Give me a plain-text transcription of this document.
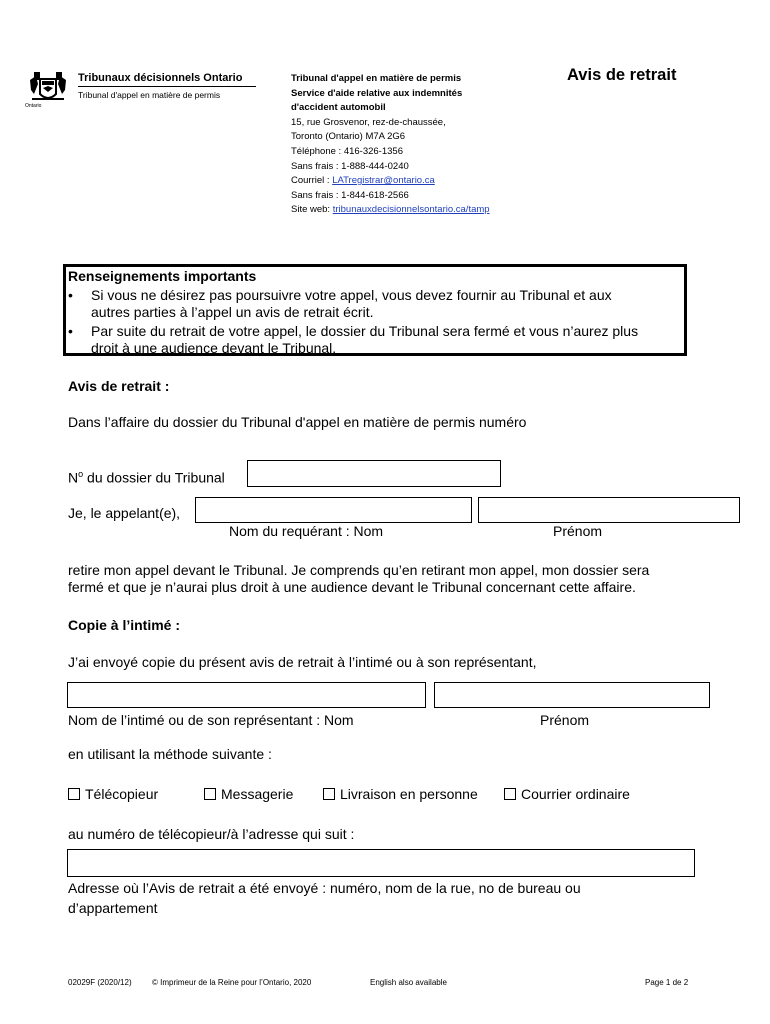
Ontario
Tribunaux décisionnels Ontario
Tribunal d'appel en matière de permis
Tribunal d'appel en matière de permis
Service d'aide relative aux indemnités
d'accident automobil
15, rue Grosvenor, rez-de-chaussée,
Toronto (Ontario) M7A 2G6
Téléphone : 416-326-1356
Sans frais : 1-888-444-0240
Courriel : LATregistrar@ontario.ca
Sans frais : 1-844-618-2566
Site web: tribunauxdecisionnelsontario.ca/tamp
Avis de retrait
Renseignements importants
• Si vous ne désirez pas poursuivre votre appel, vous devez fournir au Tribunal et aux
autres parties à l’appel un avis de retrait écrit.
• Par suite du retrait de votre appel, le dossier du Tribunal sera fermé et vous n’aurez plus
droit à une audience devant le Tribunal.
Avis de retrait :
Dans l’affaire du dossier du Tribunal d'appel en matière de permis numéro
$N^o$ du dossier du Tribunal
Je, le appelant(e),
Nom du requérant : Nom	Prénom
retire mon appel devant le Tribunal. Je comprends qu’en retirant mon appel, mon dossier sera
fermé et que je n’aurai plus droit à une audience devant le Tribunal concernant cette affaire.
Copie à l’intimé :
J’ai envoyé copie du présent avis de retrait à l’intimé ou à son représentant,
Nom de l’intimé ou de son représentant : Nom	Prénom
en utilisant la méthode suivante :
Télécopieur	Messagerie	Livraison en personne	Courrier ordinaire
au numéro de télécopieur/à l’adresse qui suit :
Adresse où l’Avis de retrait a été envoyé : numéro, nom de la rue, no de bureau ou
d’appartement
02029F (2020/12)	© Imprimeur de la Reine pour l’Ontario, 2020	English also available	Page 1 de 2
